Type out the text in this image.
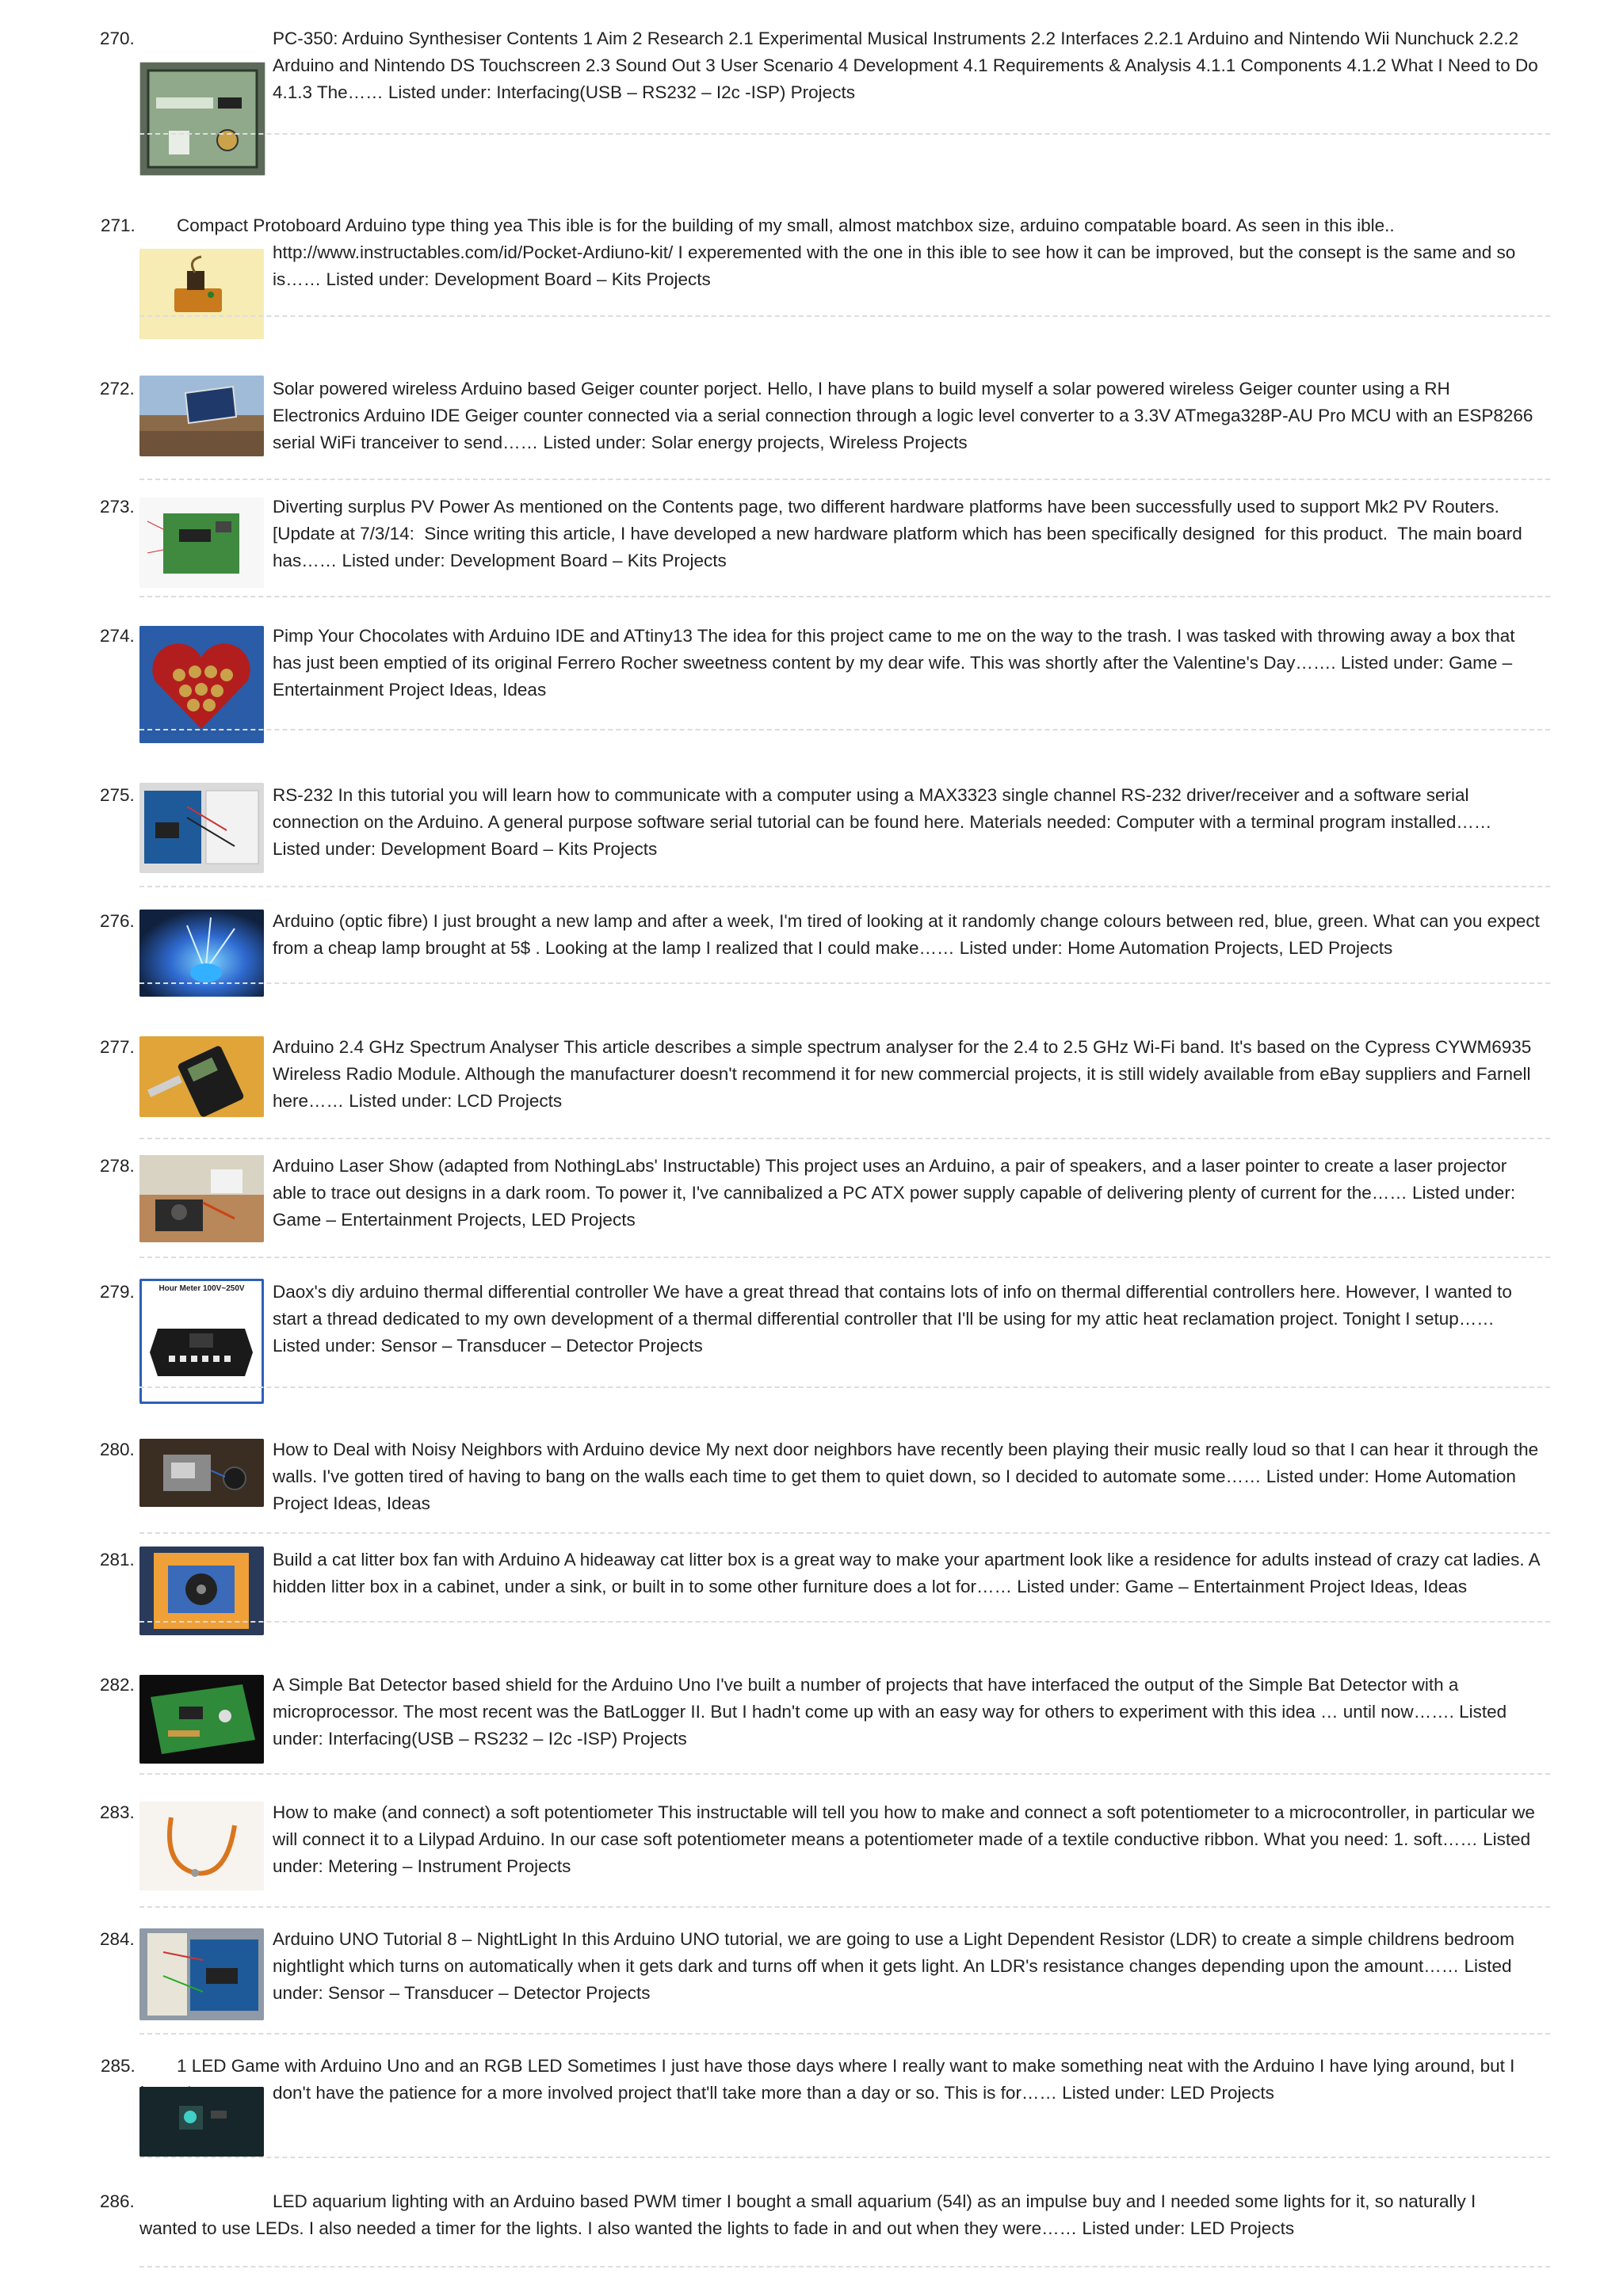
270.	PC-350: Arduino Synthesiser Contents 1 Aim 2 Research 2.1 Experimental Musical Instruments 2.2 Interfaces 2.2.1 Arduino and Nintendo Wii Nunchuck 2.2.2 Arduino and Nintendo DS Touchscreen 2.3 Sound Out 3 User Scenario 4 Development 4.1 Requirements & Analysis 4.1.1 Components 4.1.2 What I Need to Do 4.1.3 The…… Listed under: Interfacing(USB – RS232 – I2c -ISP) Projects
271.	Compact Protoboard Arduino type thing yea This ible is for the building of my small, almost matchbox size, arduino compatable board. As seen in this ible..
http://www.instructables.com/id/Pocket-Ardiuno-kit/ I experemented with the one in this ible to see how it can be improved, but the consept is the same and so is…… Listed under: Development Board – Kits Projects
272.	Solar powered wireless Arduino based Geiger counter porject. Hello, I have plans to build myself a solar powered wireless Geiger counter using a RH Electronics Arduino IDE Geiger counter connected via a serial connection through a logic level converter to a 3.3V ATmega328P-AU Pro MCU with an ESP8266 serial WiFi tranceiver to send…… Listed under: Solar energy projects, Wireless Projects
273.	Diverting surplus PV Power As mentioned on the Contents page, two different hardware platforms have been successfully used to support Mk2 PV Routers. [Update at 7/3/14:  Since writing this article, I have developed a new hardware platform which has been specifically designed  for this product.  The main board has…… Listed under: Development Board – Kits Projects
274.	Pimp Your Chocolates with Arduino IDE and ATtiny13 The idea for this project came to me on the way to the trash. I was tasked with throwing away a box that has just been emptied of its original Ferrero Rocher sweetness content by my dear wife. This was shortly after the Valentine's Day……. Listed under: Game – Entertainment Project Ideas, Ideas
275.	RS-232 In this tutorial you will learn how to communicate with a computer using a MAX3323 single channel RS-232 driver/receiver and a software serial connection on the Arduino. A general purpose software serial tutorial can be found here. Materials needed: Computer with a terminal program installed…… Listed under: Development Board – Kits Projects
276.	Arduino (optic fibre) I just brought a new lamp and after a week, I'm tired of looking at it randomly change colours between red, blue, green. What can you expect from a cheap lamp brought at 5$ . Looking at the lamp I realized that I could make…… Listed under: Home Automation Projects, LED Projects
277.	Arduino 2.4 GHz Spectrum Analyser This article describes a simple spectrum analyser for the 2.4 to 2.5 GHz Wi-Fi band. It's based on the Cypress CYWM6935 Wireless Radio Module. Although the manufacturer doesn't recommend it for new commercial projects, it is still widely available from eBay suppliers and Farnell here…… Listed under: LCD Projects
278.	Arduino Laser Show (adapted from NothingLabs' Instructable) This project uses an Arduino, a pair of speakers, and a laser pointer to create a laser projector able to trace out designs in a dark room. To power it, I've cannibalized a PC ATX power supply capable of delivering plenty of current for the…… Listed under: Game – Entertainment Projects, LED Projects
279.	Daox's diy arduino thermal differential controller We have a great thread that contains lots of info on thermal differential controllers here. However, I wanted to start a thread dedicated to my own development of a thermal differential controller that I'll be using for my attic heat reclamation project. Tonight I setup…… Listed under: Sensor – Transducer – Detector Projects
Hour Meter 100V~250V
280.	How to Deal with Noisy Neighbors with Arduino device My next door neighbors have recently been playing their music really loud so that I can hear it through the walls. I've gotten tired of having to bang on the walls each time to get them to quiet down, so I decided to automate some…… Listed under: Home Automation Project Ideas, Ideas
281.	Build a cat litter box fan with Arduino A hideaway cat litter box is a great way to make your apartment look like a residence for adults instead of crazy cat ladies. A hidden litter box in a cabinet, under a sink, or built in to some other furniture does a lot for…… Listed under: Game – Entertainment Project Ideas, Ideas
282.	A Simple Bat Detector based shield for the Arduino Uno I've built a number of projects that have interfaced the output of the Simple Bat Detector with a microprocessor. The most recent was the BatLogger II. But I hadn't come up with an easy way for others to experiment with this idea … until now……. Listed under: Interfacing(USB – RS232 – I2c -ISP) Projects
283.	How to make (and connect) a soft potentiometer This instructable will tell you how to make and connect a soft potentiometer to a microcontroller, in particular we will connect it to a Lilypad Arduino. In our case soft potentiometer means a potentiometer made of a textile conductive ribbon. What you need: 1. soft…… Listed under: Metering – Instrument Projects
284.	Arduino UNO Tutorial 8 – NightLight In this Arduino UNO tutorial, we are going to use a Light Dependent Resistor (LDR) to create a simple childrens bedroom nightlight which turns on automatically when it gets dark and turns off when it gets light. An LDR's resistance changes depending upon the amount…… Listed under: Sensor – Transducer – Detector Projects
285.	1 LED Game with Arduino Uno and an RGB LED Sometimes I just have those days where I really want to make something neat with the Arduino I have lying around, but I
don't have the patience for a more involved project that'll take more than a day or so. This is for…… Listed under: LED Projects
286.	LED aquarium lighting with an Arduino based PWM timer I bought a small aquarium (54l) as an impulse buy and I needed some lights for it, so naturally I
wanted to use LEDs. I also needed a timer for the lights. I also wanted the lights to fade in and out when they were…… Listed under: LED Projects
